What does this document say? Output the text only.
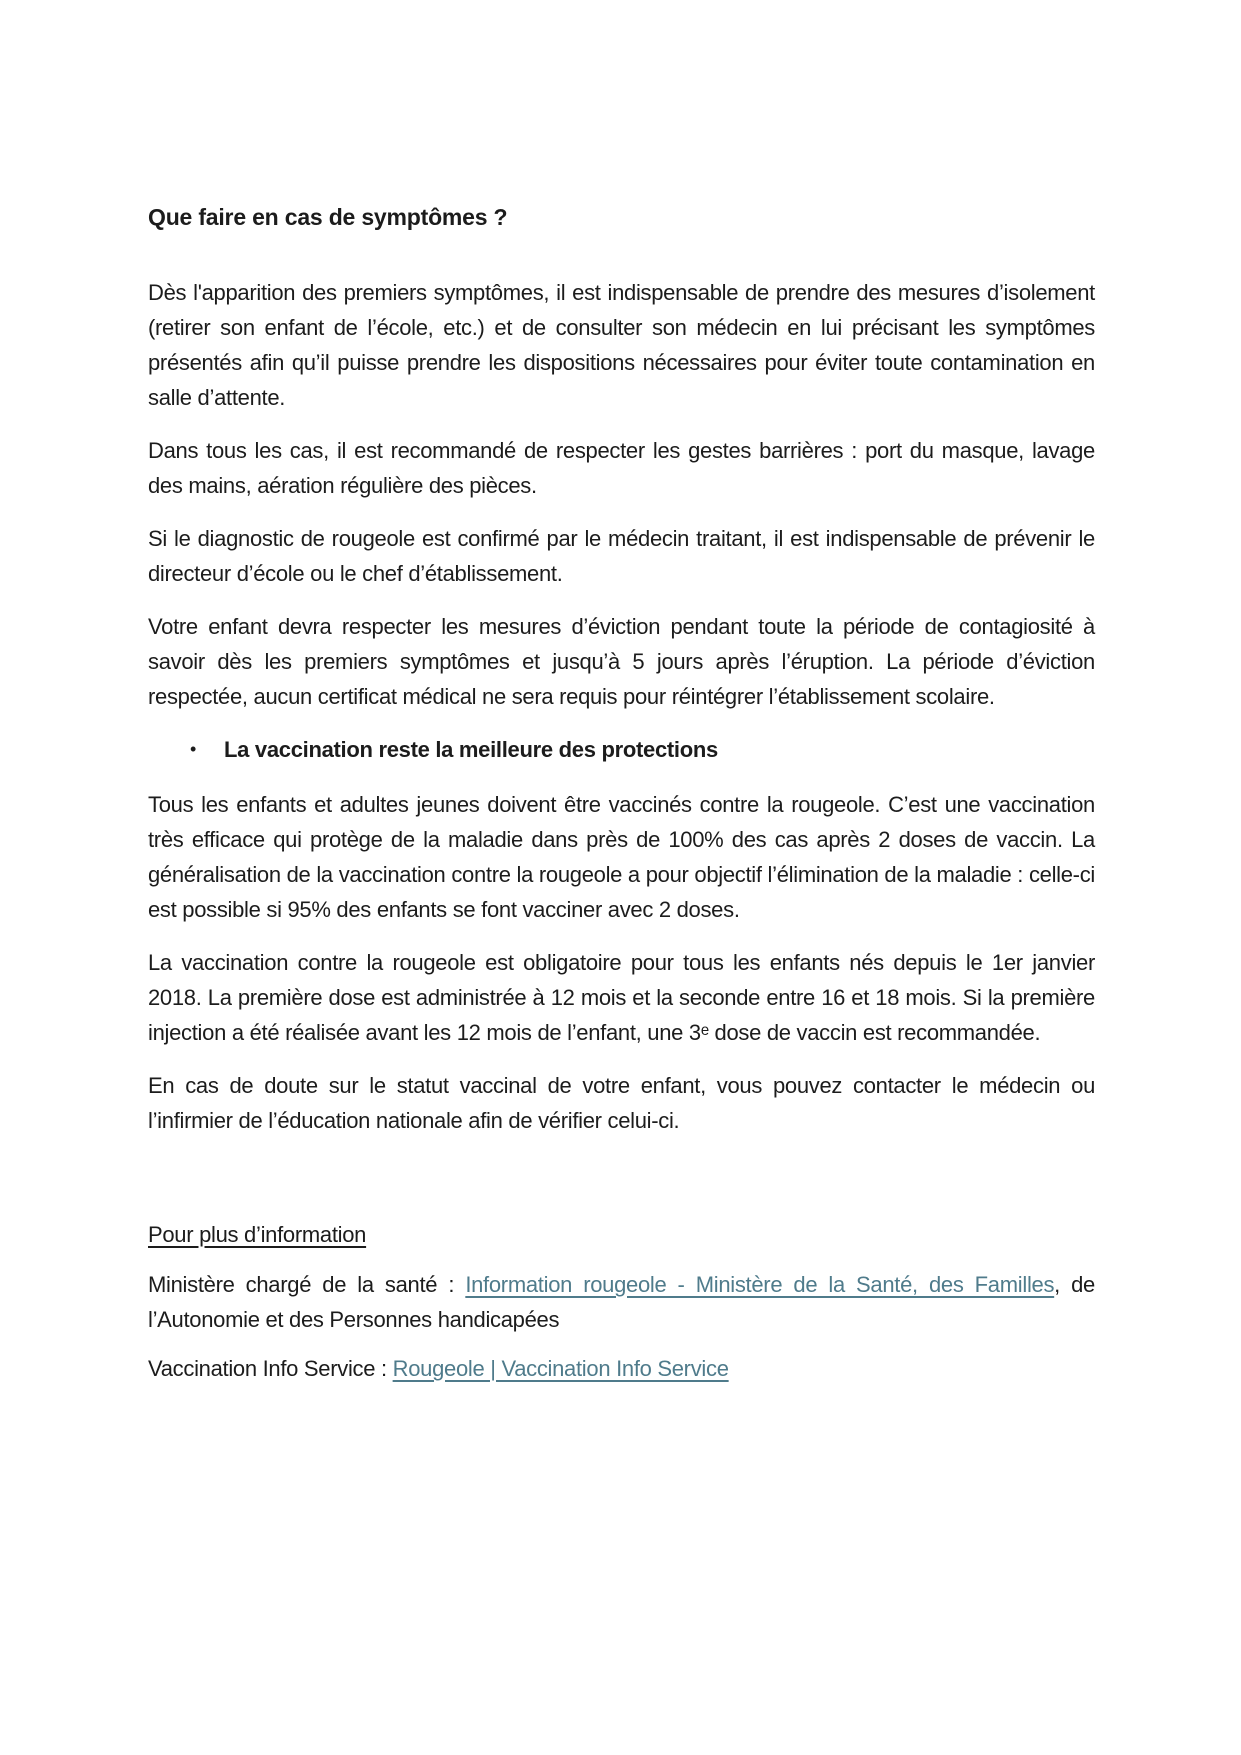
Que faire en cas de symptômes ?

Dès l'apparition des premiers symptômes, il est indispensable de prendre des mesures d’isolement (retirer son enfant de l’école, etc.) et de consulter son médecin en lui précisant les symptômes présentés afin qu’il puisse prendre les dispositions nécessaires pour éviter toute contamination en salle d’attente.

Dans tous les cas, il est recommandé de respecter les gestes barrières : port du masque, lavage des mains, aération régulière des pièces.

Si le diagnostic de rougeole est confirmé par le médecin traitant, il est indispensable de prévenir le directeur d’école ou le chef d’établissement.

Votre enfant devra respecter les mesures d’éviction pendant toute la période de contagiosité à savoir dès les premiers symptômes et jusqu’à 5 jours après l’éruption. La période d’éviction respectée, aucun certificat médical ne sera requis pour réintégrer l’établissement scolaire.

•	La vaccination reste la meilleure des protections

Tous les enfants et adultes jeunes doivent être vaccinés contre la rougeole. C’est une vaccination très efficace qui protège de la maladie dans près de 100% des cas après 2 doses de vaccin. La généralisation de la vaccination contre la rougeole a pour objectif l’élimination de la maladie : celle-ci est possible si 95% des enfants se font vacciner avec 2 doses.

La vaccination contre la rougeole est obligatoire pour tous les enfants nés depuis le 1er janvier 2018. La première dose est administrée à 12 mois et la seconde entre 16 et 18 mois. Si la première injection a été réalisée avant les 12 mois de l’enfant, une 3ᵉ dose de vaccin est recommandée.

En cas de doute sur le statut vaccinal de votre enfant, vous pouvez contacter le médecin ou l’infirmier de l’éducation nationale afin de vérifier celui-ci.

Pour plus d’information

Ministère chargé de la santé : Information rougeole - Ministère de la Santé, des Familles, de l’Autonomie et des Personnes handicapées

Vaccination Info Service : Rougeole | Vaccination Info Service
